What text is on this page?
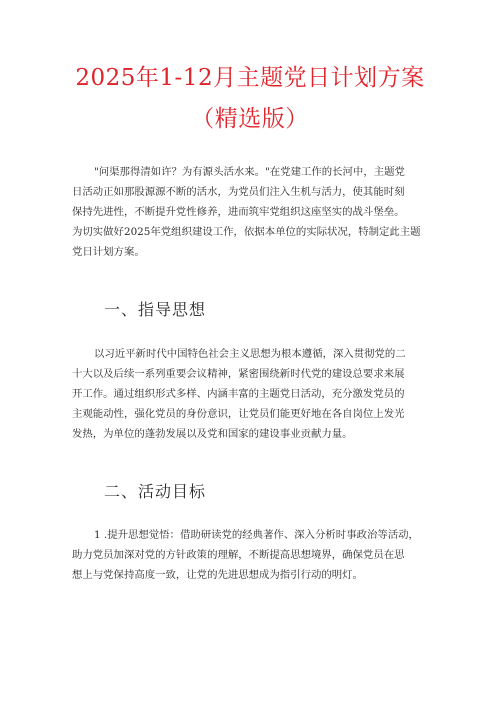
2025年1-12月主题党日计划方案
（精选版）
"问渠那得清如许？为有源头活水来。"在党建工作的长河中，主题党
日活动正如那股源源不断的活水，为党员们注入生机与活力，使其能时刻
保持先进性，不断提升党性修养，进而筑牢党组织这座坚实的战斗堡垒。
为切实做好2025年党组织建设工作，依据本单位的实际状况，特制定此主题
党日计划方案。
一、指导思想
以习近平新时代中国特色社会主义思想为根本遵循，深入贯彻党的二
十大以及后续一系列重要会议精神，紧密围绕新时代党的建设总要求来展
开工作。通过组织形式多样、内涵丰富的主题党日活动，充分激发党员的
主观能动性，强化党员的身份意识，让党员们能更好地在各自岗位上发光
发热，为单位的蓬勃发展以及党和国家的建设事业贡献力量。
二、活动目标
1 .提升思想觉悟：借助研读党的经典著作、深入分析时事政治等活动，
助力党员加深对党的方针政策的理解，不断提高思想境界，确保党员在思
想上与党保持高度一致，让党的先进思想成为指引行动的明灯。
